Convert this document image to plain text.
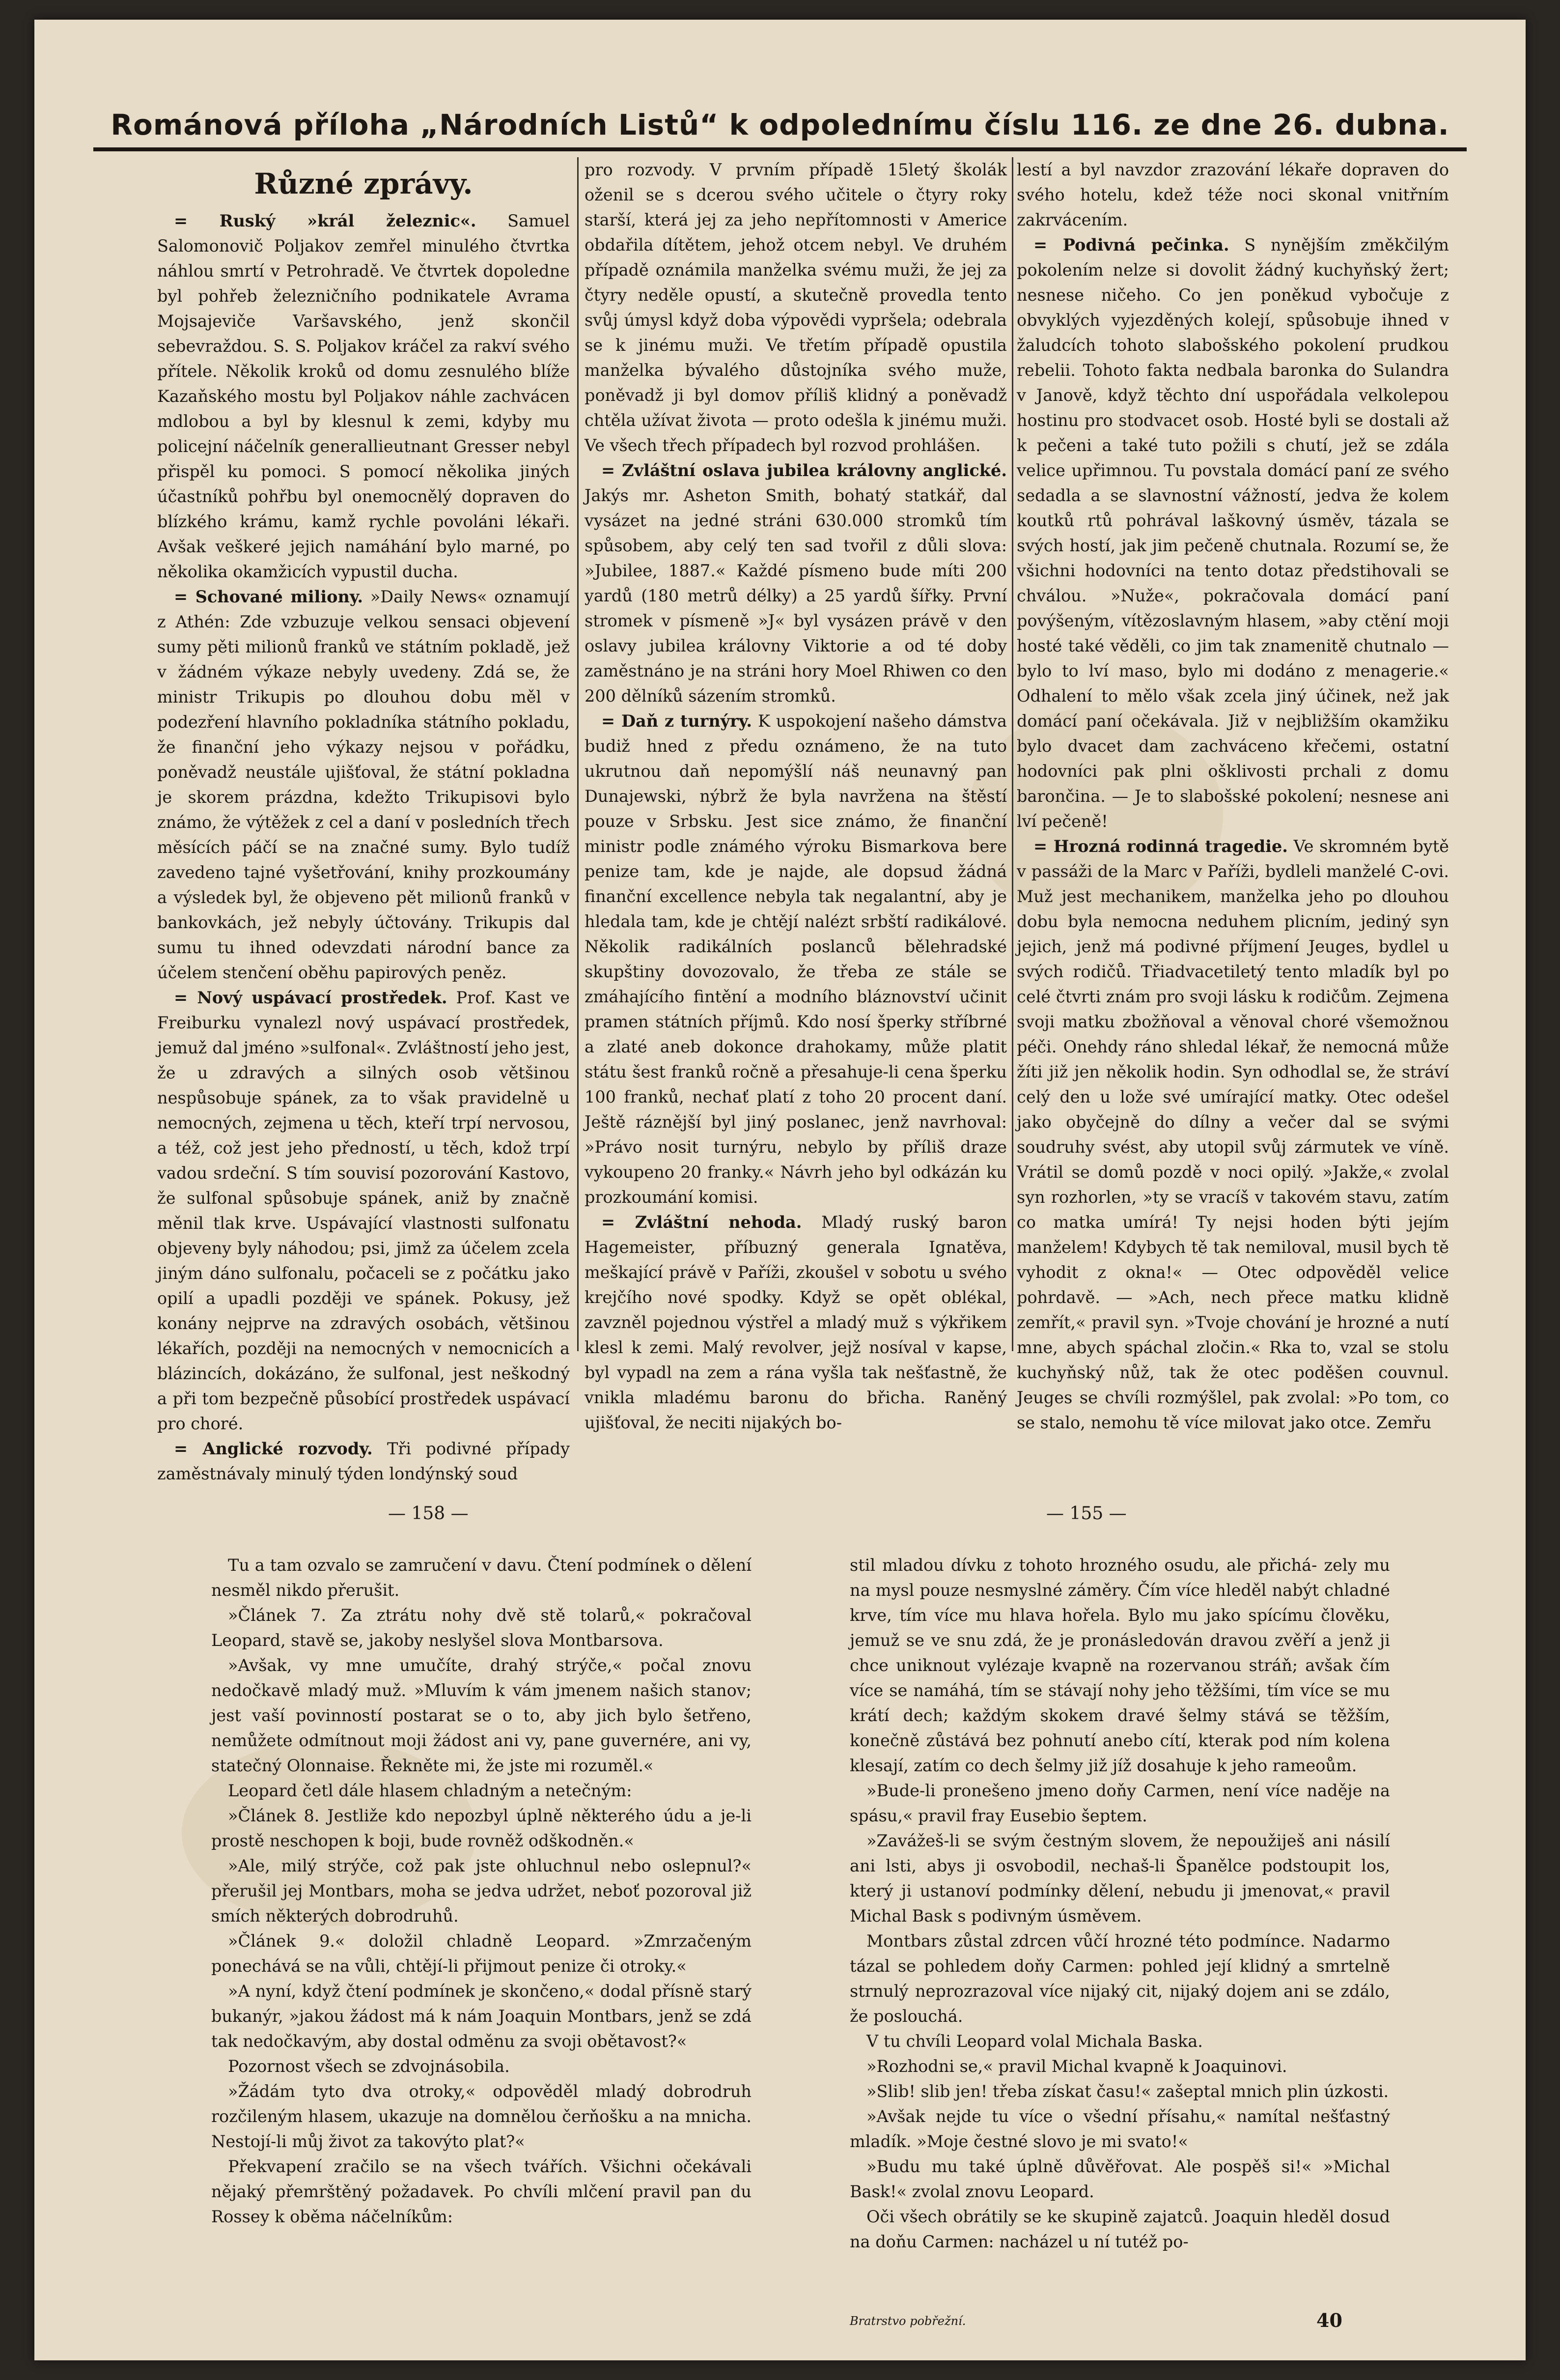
Románová příloha „Národních Listů“ k odpolednímu číslu 116. ze dne 26. dubna.
Různé zprávy.

= Ruský »král železnic«. Samuel Salomonovič Poljakov zemřel minulého čtvrtka náhlou smrtí v Petrohradě. Ve čtvrtek dopoledne byl pohřeb železničního podnikatele Avrama Mojsajeviče Varšavského, jenž skončil sebevraždou. S. S. Poljakov kráčel za rakví svého přítele. Několik kroků od domu zesnulého blíže Kazaňského mostu byl Poljakov náhle zachvácen mdlobou a byl by klesnul k zemi, kdyby mu policejní náčelník generallieutnant Gresser nebyl přispěl ku pomoci. S pomocí několika jiných účastníků pohřbu byl onemocnělý dopraven do blízkého krámu, kamž rychle povoláni lékaři. Avšak veškeré jejich namáhání bylo marné, po několika okamžicích vypustil ducha.

= Schované miliony. »Daily News« oznamují z Athén: Zde vzbuzuje velkou sensaci objevení sumy pěti milionů franků ve státním pokladě, jež v žádném výkaze nebyly uvedeny. Zdá se, že ministr Trikupis po dlouhou dobu měl v podezření hlavního pokladníka státního pokladu, že finanční jeho výkazy nejsou v pořádku, poněvadž neustále ujišťoval, že státní pokladna je skorem prázdna, kdežto Trikupisovi bylo známo, že výtěžek z cel a daní v posledních třech měsících páčí se na značné sumy. Bylo tudíž zavedeno tajné vyšetřování, knihy prozkoumány a výsledek byl, že objeveno pět milionů franků v bankovkách, jež nebyly účtovány. Trikupis dal sumu tu ihned odevzdati národní bance za účelem stenčení oběhu papirových peněz.

= Nový uspávací prostředek. Prof. Kast ve Freiburku vynalezl nový uspávací prostředek, jemuž dal jméno »sulfonal«. Zvláštností jeho jest, že u zdravých a silných osob většinou nespůsobuje spánek, za to však pravidelně u nemocných, zejmena u těch, kteří trpí nervosou, a též, což jest jeho předností, u těch, kdož trpí vadou srdeční. S tím souvisí pozorování Kastovo, že sulfonal spůsobuje spánek, aniž by značně měnil tlak krve. Uspávající vlastnosti sulfonatu objeveny byly náhodou; psi, jimž za účelem zcela jiným dáno sulfonalu, počaceli se z počátku jako opilí a upadli později ve spánek. Pokusy, jež konány nejprve na zdravých osobách, většinou lékařích, později na nemocných v nemocnicích a blázincích, dokázáno, že sulfonal, jest neškodný a při tom bezpečně působící prostředek uspávací pro choré.

= Anglické rozvody. Tři podivné případy zaměstnávaly minulý týden londýnský soud

pro rozvody. V prvním případě 15letý školák oženil se s dcerou svého učitele o čtyry roky starší, která jej za jeho nepřítomnosti v Americe obdařila dítětem, jehož otcem nebyl. Ve druhém případě oznámila manželka svému muži, že jej za čtyry neděle opustí, a skutečně provedla tento svůj úmysl když doba výpovědi vypršela; odebrala se k jinému muži. Ve třetím případě opustila manželka bývalého důstojníka svého muže, poněvadž ji byl domov příliš klidný a poněvadž chtěla užívat života — proto odešla k jinému muži. Ve všech třech případech byl rozvod prohlášen.

= Zvláštní oslava jubilea královny anglické. Jakýs mr. Asheton Smith, bohatý statkář, dal vysázet na jedné stráni 630.000 stromků tím spůsobem, aby celý ten sad tvořil z důli slova: »Jubilee, 1887.« Každé písmeno bude míti 200 yardů (180 metrů délky) a 25 yardů šířky. První stromek v písmeně »J« byl vysázen právě v den oslavy jubilea královny Viktorie a od té doby zaměstnáno je na stráni hory Moel Rhiwen co den 200 dělníků sázením stromků.

= Daň z turnýry. K uspokojení našeho dámstva budiž hned z předu oznámeno, že na tuto ukrutnou daň nepomýšlí náš neunavný pan Dunajewski, nýbrž že byla navržena na štěstí pouze v Srbsku. Jest sice známo, že finanční ministr podle známého výroku Bismarkova bere penize tam, kde je najde, ale dopsud žádná finanční excellence nebyla tak negalantní, aby je hledala tam, kde je chtějí nalézt srbští radikálové. Několik radikálních poslanců bělehradské skupštiny dovozovalo, že třeba ze stále se zmáhajícího fintění a modního bláznovství učinit pramen státních příjmů. Kdo nosí šperky stříbrné a zlaté aneb dokonce drahokamy, může platit státu šest franků ročně a přesahuje-li cena šperku 100 franků, nechať platí z toho 20 procent daní. Ještě ráznější byl jiný poslanec, jenž navrhoval: »Právo nosit turnýru, nebylo by příliš draze vykoupeno 20 franky.« Návrh jeho byl odkázán ku prozkoumání komisi.

= Zvláštní nehoda. Mladý ruský baron Hagemeister, příbuzný generala Ignatěva, meškající právě v Paříži, zkoušel v sobotu u svého krejčího nové spodky. Když se opět oblékal, zavzněl pojednou výstřel a mladý muž s výkřikem klesl k zemi. Malý revolver, jejž nosíval v kapse, byl vypadl na zem a rána vyšla tak nešťastně, že vnikla mladému baronu do břicha. Raněný ujišťoval, že neciti nijakých bo-

lestí a byl navzdor zrazování lékaře dopraven do svého hotelu, kdež téže noci skonal vnitřním zakrvácením.

= Podivná pečinka. S nynějším změkčilým pokolením nelze si dovolit žádný kuchyňský žert; nesnese ničeho. Co jen poněkud vybočuje z obvyklých vyjezděných kolejí, spůsobuje ihned v žaludcích tohoto slabošského pokolení prudkou rebelii. Tohoto fakta nedbala baronka do Sulandra v Janově, když těchto dní uspořádala velkolepou hostinu pro stodvacet osob. Hosté byli se dostali až k pečeni a také tuto požili s chutí, jež se zdála velice upřimnou. Tu povstala domácí paní ze svého sedadla a se slavnostní vážností, jedva že kolem koutků rtů pohrával laškovný úsměv, tázala se svých hostí, jak jim pečeně chutnala. Rozumí se, že všichni hodovníci na tento dotaz předstihovali se chválou. »Nuže«, pokračovala domácí paní povýšeným, vítězoslavným hlasem, »aby ctění moji hosté také věděli, co jim tak znamenitě chutnalo — bylo to lví maso, bylo mi dodáno z menagerie.« Odhalení to mělo však zcela jiný účinek, než jak domácí paní očekávala. Již v nejbližším okamžiku bylo dvacet dam zachváceno křečemi, ostatní hodovníci pak plni ošklivosti prchali z domu barončina. — Je to slabošské pokolení; nesnese ani lví pečeně!

= Hrozná rodinná tragedie. Ve skromném bytě v passáži de la Marc v Paříži, bydleli manželé C-ovi. Muž jest mechanikem, manželka jeho po dlouhou dobu byla nemocna neduhem plicním, jediný syn jejich, jenž má podivné příjmení Jeuges, bydlel u svých rodičů. Třiadvacetiletý tento mladík byl po celé čtvrti znám pro svoji lásku k rodičům. Zejmena svoji matku zbožňoval a věnoval choré všemožnou péči. Onehdy ráno shledal lékař, že nemocná může žíti již jen několik hodin. Syn odhodlal se, že stráví celý den u lože své umírající matky. Otec odešel jako obyčejně do dílny a večer dal se svými soudruhy svést, aby utopil svůj zármutek ve víně. Vrátil se domů pozdě v noci opilý. »Jakže,« zvolal syn rozhorlen, »ty se vracíš v takovém stavu, zatím co matka umírá! Ty nejsi hoden býti jejím manželem! Kdybych tě tak nemiloval, musil bych tě vyhodit z okna!« — Otec odpověděl velice pohrdavě. — »Ach, nech přece matku klidně zemřít,« pravil syn. »Tvoje chování je hrozné a nutí mne, abych spáchal zločin.« Rka to, vzal se stolu kuchyňský nůž, tak že otec poděšen couvnul. Jeuges se chvíli rozmýšlel, pak zvolal: »Po tom, co se stalo, nemohu tě více milovat jako otce. Zemřu

— 158 —	— 155 —

Tu a tam ozvalo se zamručení v davu. Čtení podmínek o dělení nesměl nikdo přerušit.

»Článek 7. Za ztrátu nohy dvě stě tolarů,« pokračoval Leopard, stavě se, jakoby neslyšel slova Montbarsova.

»Avšak, vy mne umučíte, drahý strýče,« počal znovu nedočkavě mladý muž. »Mluvím k vám jmenem našich stanov; jest vaší povinností postarat se o to, aby jich bylo šetřeno, nemůžete odmítnout moji žádost ani vy, pane guvernére, ani vy, statečný Olonnaise. Řekněte mi, že jste mi rozuměl.«

Leopard četl dále hlasem chladným a netečným:

»Článek 8. Jestliže kdo nepozbyl úplně některého údu a je-li prostě neschopen k boji, bude rovněž odškodněn.«

»Ale, milý strýče, což pak jste ohluchnul nebo oslepnul?« přerušil jej Montbars, moha se jedva udržet, neboť pozoroval již smích některých dobrodruhů.

»Článek 9.« doložil chladně Leopard. »Zmrzačeným ponechává se na vůli, chtějí-li přijmout penize či otroky.«

»A nyní, když čtení podmínek je skončeno,« dodal přísně starý bukanýr, »jakou žádost má k nám Joaquin Montbars, jenž se zdá tak nedočkavým, aby dostal odměnu za svoji obětavost?«

Pozornost všech se zdvojnásobila.

»Žádám tyto dva otroky,« odpověděl mladý dobrodruh rozčileným hlasem, ukazuje na domnělou čerňošku a na mnicha. Nestojí-li můj život za takovýto plat?«

Překvapení zračilo se na všech tvářích. Všichni očekávali nějaký přemrštěný požadavek. Po chvíli mlčení pravil pan du Rossey k oběma náčelníkům:

stil mladou dívku z tohoto hrozného osudu, ale přichá- zely mu na mysl pouze nesmyslné záměry. Čím více hleděl nabýt chladné krve, tím více mu hlava hořela. Bylo mu jako spícímu člověku, jemuž se ve snu zdá, že je pronásledován dravou zvěří a jenž ji chce uniknout vylézaje kvapně na rozervanou stráň; avšak čím více se namáhá, tím se stávají nohy jeho těžšími, tím více se mu krátí dech; každým skokem dravé šelmy stává se těžším, konečně zůstává bez pohnutí anebo cítí, kterak pod ním kolena klesají, zatím co dech šelmy již jíž dosahuje k jeho rameoům.

»Bude-li pronešeno jmeno doňy Carmen, není více naděje na spásu,« pravil fray Eusebio šeptem.

»Zavážeš-li se svým čestným slovem, že nepoužiješ ani násilí ani lsti, abys ji osvobodil, nechaš-li Španělce podstoupit los, který ji ustanoví podmínky dělení, nebudu ji jmenovat,« pravil Michal Bask s podivným úsměvem.

Montbars zůstal zdrcen vůčí hrozné této podmínce. Nadarmo tázal se pohledem doňy Carmen: pohled její klidný a smrtelně strnulý neprozrazoval více nijaký cit, nijaký dojem ani se zdálo, že poslouchá.

V tu chvíli Leopard volal Michala Baska.

»Rozhodni se,« pravil Michal kvapně k Joaquinovi.

»Slib! slib jen! třeba získat času!« zašeptal mnich plin úzkosti.

»Avšak nejde tu více o všední přísahu,« namítal nešťastný mladík. »Moje čestné slovo je mi svato!«

»Budu mu také úplně důvěřovat. Ale pospěš si!« »Michal Bask!« zvolal znovu Leopard.

Oči všech obrátily se ke skupině zajatců. Joaquin hleděl dosud na doňu Carmen: nacházel u ní tutéž po-

Bratrstvo pobřežní.	40
